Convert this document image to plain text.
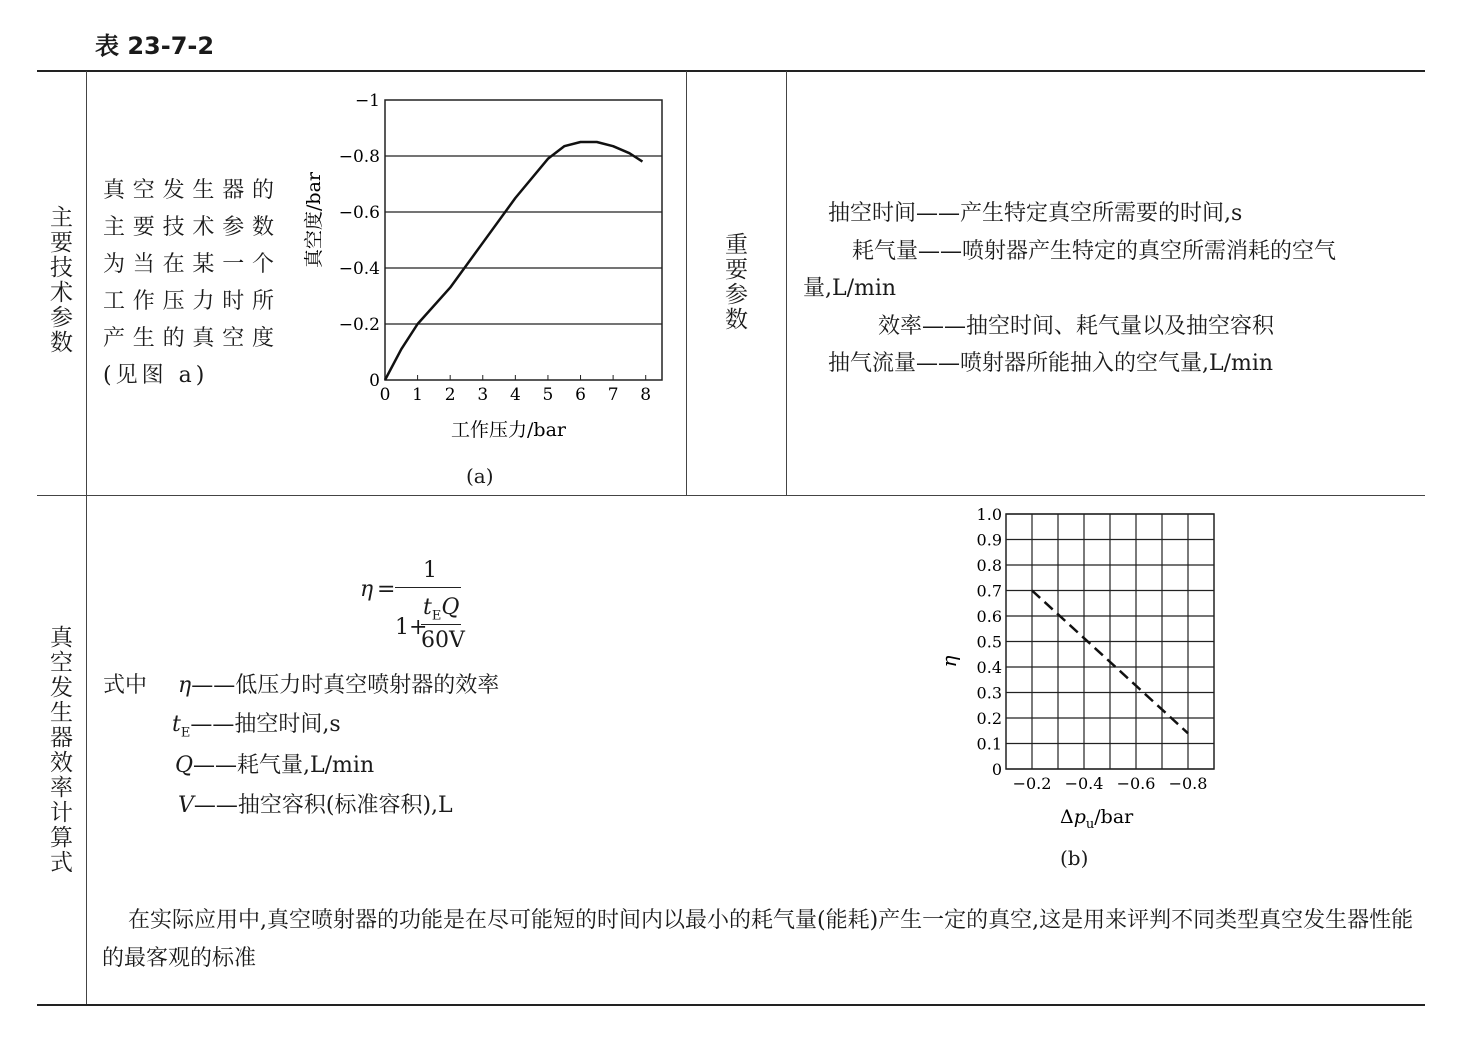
表 23-7-2
主要技术参数
真空发生器的主要技术参数为当在某一个工作压力时所产生的真空度(见图 a)	0
−0.2
−0.4
−0.6
−0.8
−1
0 1 2 3 4 5 6 7 8
工作压力/bar
真空度/bar
(a)
重要参数
抽空时间——产生特定真空所需要的时间,s
耗气量——喷射器产生特定的真空所需消耗的空气
量,L/min
效率——抽空时间、耗气量以及抽空容积
抽气流量——喷射器所能抽入的空气量,L/min
真空发生器效率计算式
η =
1
1+
$t_EQ$
60V
式中 η——低压力时真空喷射器的效率
$t_E——$抽空时间,s
Q——耗气量,L/min
V——抽空容积(标准容积),L
0
0.1
0.2
0.3
0.4
0.5
0.6
0.7
0.8
0.9
1.0
−0.2 −0.4 −0.6 −0.8
$\Delta p_u$/bar
η
(b)
在实际应用中,真空喷射器的功能是在尽可能短的时间内以最小的耗气量(能耗)产生一定的真空,这是用来评判不同类型真空发生器性能的最客观的标准
